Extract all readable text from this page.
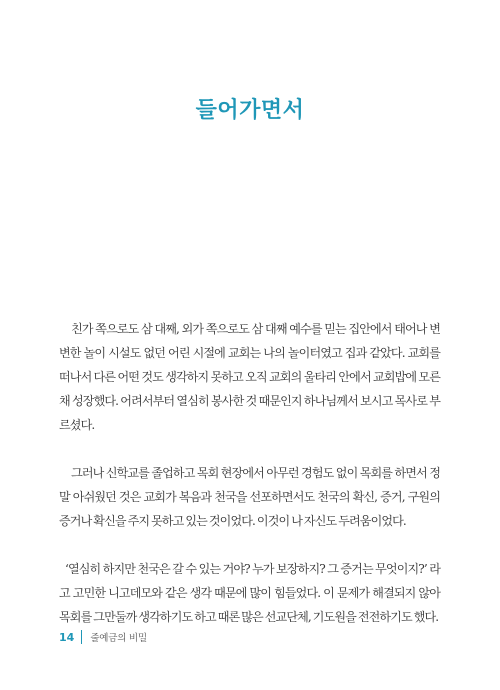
들어가면서

친가 쪽으로도 삼 대째, 외가 쪽으로도 삼 대째 예수를 믿는 집안에서 태어나 변변한 놀이 시설도 없던 어린 시절에 교회는 나의 놀이터였고 집과 같았다. 교회를 떠나서 다른 어떤 것도 생각하지 못하고 오직 교회의 울타리 안에서 교회밥에 모른 채 성장했다. 어려서부터 열심히 봉사한 것 때문인지 하나님께서 보시고 목사로 부르셨다.

그러나 신학교를 졸업하고 목회 현장에서 아무런 경험도 없이 목회를 하면서 정말 아쉬웠던 것은 교회가 복음과 천국을 선포하면서도 천국의 확신, 증거, 구원의 증거나 확신을 주지 못하고 있는 것이었다. 이것이 나 자신도 두려움이었다.

‘열심히 하지만 천국은 갈 수 있는 거야? 누가 보장하지? 그 증거는 무엇이지?’ 라고 고민한 니고데모와 같은 생각 때문에 많이 힘들었다. 이 문제가 해결되지 않아 목회를 그만둘까 생각하기도 하고 때론 많은 선교단체, 기도원을 전전하기도 했다.

14 줄예금의 비밀
